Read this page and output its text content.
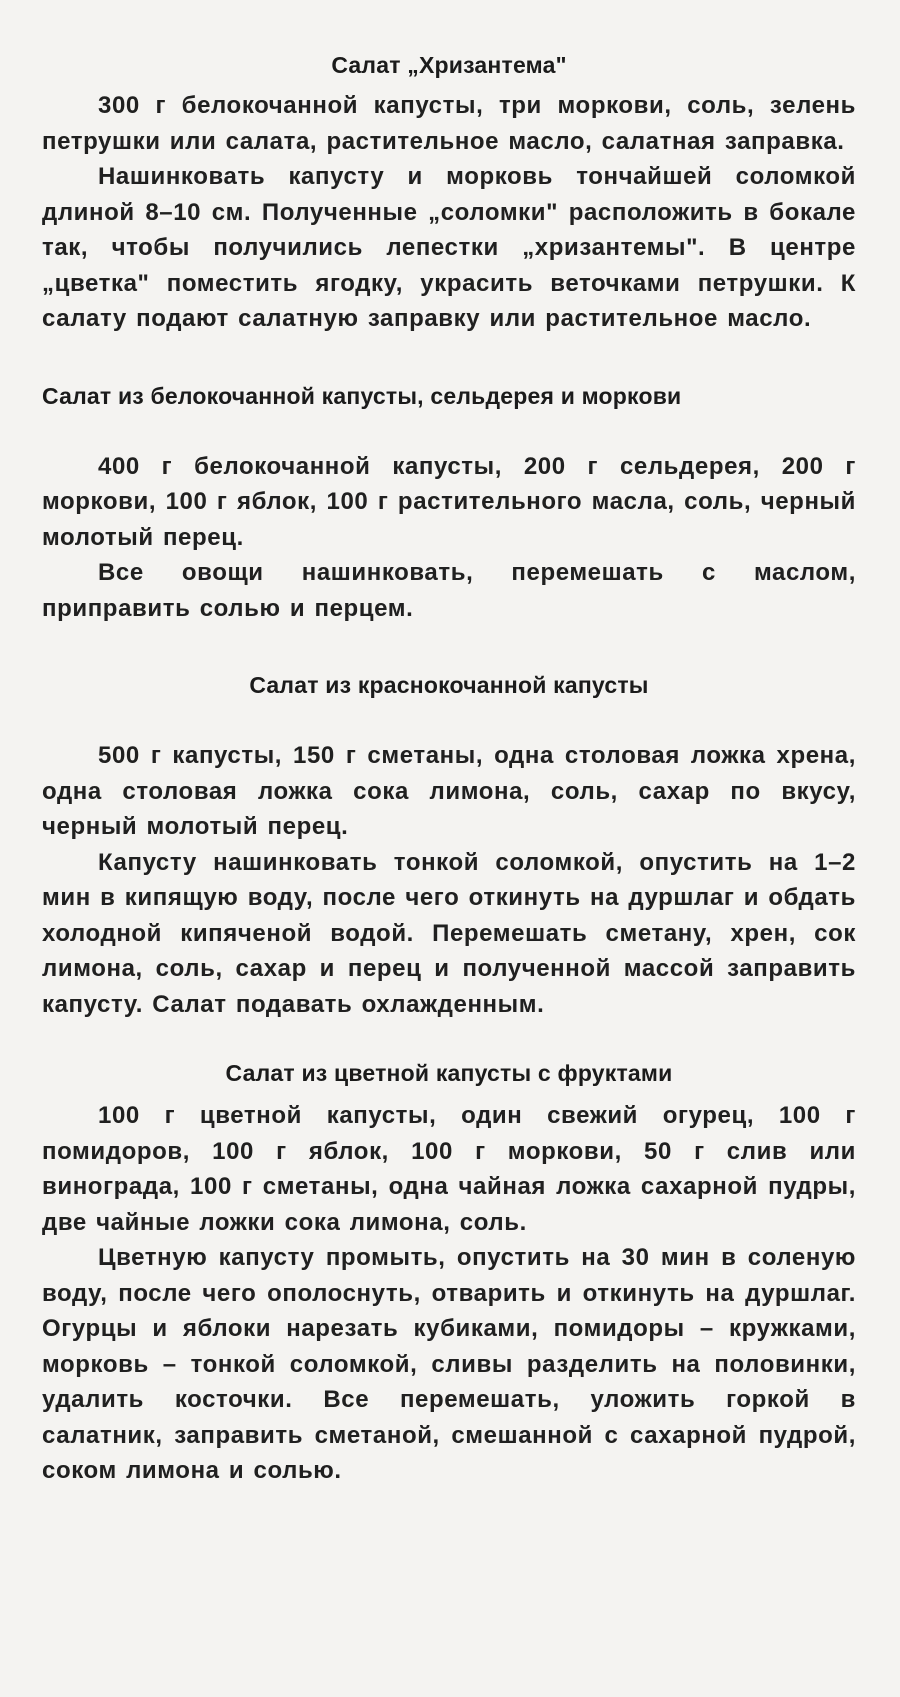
Салат „Хризантема"

300 г белокочанной капусты, три моркови, соль, зелень петрушки или салата, растительное масло, салатная заправка.

Нашинковать капусту и морковь тончайшей соломкой длиной 8–10 см. Полученные „соломки" расположить в бокале так, чтобы получились лепестки „хризантемы". В центре „цветка" поместить ягодку, украсить веточками петрушки. К салату подают салатную заправку или растительное масло.

Салат из белокочанной капусты, сельдерея и моркови

400 г белокочанной капусты, 200 г сельдерея, 200 г моркови, 100 г яблок, 100 г растительного масла, соль, черный молотый перец.

Все овощи нашинковать, перемешать с маслом, приправить солью и перцем.

Салат из краснокочанной капусты

500 г капусты, 150 г сметаны, одна столовая ложка хрена, одна столовая ложка сока лимона, соль, сахар по вкусу, черный молотый перец.

Капусту нашинковать тонкой соломкой, опустить на 1–2 мин в кипящую воду, после чего откинуть на дуршлаг и обдать холодной кипяченой водой. Перемешать сметану, хрен, сок лимона, соль, сахар и перец и полученной массой заправить капусту. Салат подавать охлажденным.

Салат из цветной капусты с фруктами

100 г цветной капусты, один свежий огурец, 100 г помидоров, 100 г яблок, 100 г моркови, 50 г слив или винограда, 100 г сметаны, одна чайная ложка сахарной пудры, две чайные ложки сока лимона, соль.

Цветную капусту промыть, опустить на 30 мин в соленую воду, после чего ополоснуть, отварить и откинуть на дуршлаг. Огурцы и яблоки нарезать кубиками, помидоры – кружками, морковь – тонкой соломкой, сливы разделить на половинки, удалить косточки. Все перемешать, уложить горкой в салатник, заправить сметаной, смешанной с сахарной пудрой, соком лимона и солью.
